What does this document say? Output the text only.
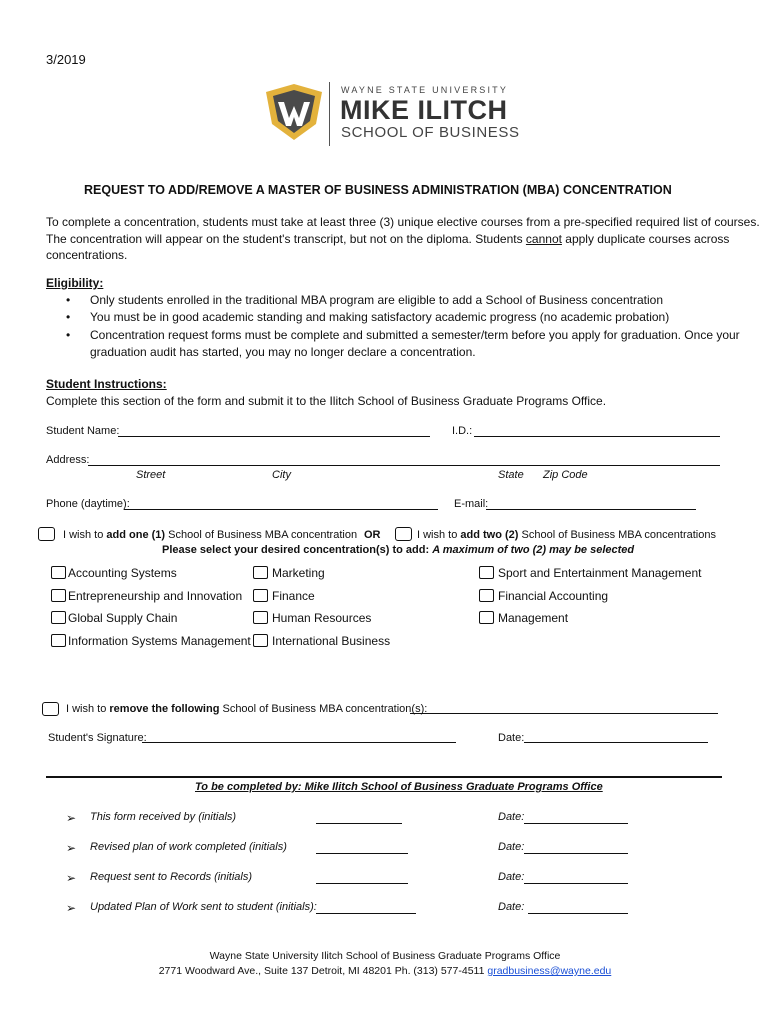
3/2019
WAYNE STATE UNIVERSITY
MIKE ILITCH
SCHOOL OF BUSINESS
REQUEST TO ADD/REMOVE A MASTER OF BUSINESS ADMINISTRATION (MBA) CONCENTRATION
To complete a concentration, students must take at least three (3) unique elective courses from a pre-specified required list of courses.
The concentration will appear on the student's transcript, but not on the diploma. Students cannot apply duplicate courses across
concentrations.
Eligibility:
• Only students enrolled in the traditional MBA program are eligible to add a School of Business concentration
• You must be in good academic standing and making satisfactory academic progress (no academic probation)
• Concentration request forms must be complete and submitted a semester/term before you apply for graduation. Once your
graduation audit has started, you may no longer declare a concentration.
Student Instructions:
Complete this section of the form and submit it to the Ilitch School of Business Graduate Programs Office.
Student Name:	I.D.:
Address:
Street	City	State Zip Code
Phone (daytime):	E-mail:
I wish to add one (1) School of Business MBA concentration OR	I wish to add two (2) School of Business MBA concentrations
Please select your desired concentration(s) to add: A maximum of two (2) may be selected
Accounting Systems
Entrepreneurship and Innovation
Global Supply Chain
Information Systems Management
Marketing
Finance
Human Resources
International Business
Sport and Entertainment Management
Financial Accounting
Management
I wish to remove the following School of Business MBA concentration(s):
Student's Signature:	Date:
To be completed by: Mike Ilitch School of Business Graduate Programs Office
➢ This form received by (initials)	Date:
➢ Revised plan of work completed (initials)	Date:
➢ Request sent to Records (initials)	Date:
➢ Updated Plan of Work sent to student (initials):	Date:
Wayne State University Ilitch School of Business Graduate Programs Office
2771 Woodward Ave., Suite 137 Detroit, MI 48201 Ph. (313) 577-4511 gradbusiness@wayne.edu
